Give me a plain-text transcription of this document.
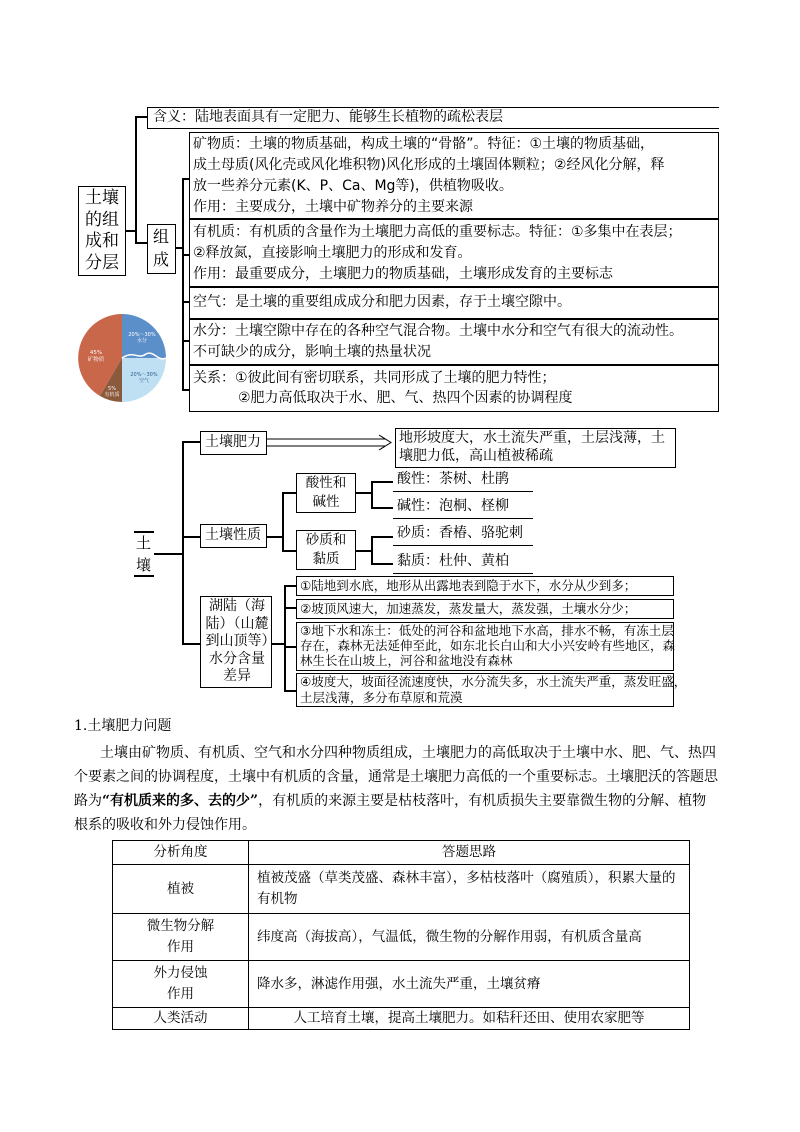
土壤的组成和分层
含义：陆地表面具有一定肥力、能够生长植物的疏松表层
组成
矿物质：土壤的物质基础，构成土壤的“骨骼”。特征：①土壤的物质基础，
成土母质(风化壳或风化堆积物)风化形成的土壤固体颗粒；②经风化分解，释
放一些养分元素(K、P、Ca、Mg等)，供植物吸收。
作用：主要成分，土壤中矿物养分的主要来源
有机质：有机质的含量作为土壤肥力高低的重要标志。特征：①多集中在表层；
②释放氮，直接影响土壤肥力的形成和发育。
作用：最重要成分，土壤肥力的物质基础，土壤形成发育的主要标志
空气：是土壤的重要组成成分和肥力因素，存于土壤空隙中。
水分：土壤空隙中存在的各种空气混合物。土壤中水分和空气有很大的流动性。
不可缺少的成分，影响土壤的热量状况
关系：①彼此间有密切联系，共同形成了土壤的肥力特性；
②肥力高低取决于水、肥、气、热四个因素的协调程度
45%
矿物质
20%～30%
水分
20%～30%
空气
5%
有机质
土壤
土壤肥力	地形坡度大，水土流失严重，土层浅薄，土
壤肥力低，高山植被稀疏
土壤性质
酸性和碱性
砂质和黏质
酸性：茶树、杜鹃
碱性：泡桐、柽柳
砂质：香椿、骆驼刺
黏质：杜仲、黄柏
湖陆（海陆）（山麓到山顶等）水分含量差异
①陆地到水底，地形从出露地表到隐于水下，水分从少到多；
②坡顶风速大，加速蒸发，蒸发量大，蒸发强，土壤水分少；
③地下水和冻土：低处的河谷和盆地地下水高，排水不畅，有冻土层
存在，森林无法延伸至此，如东北长白山和大小兴安岭有些地区，森
林生长在山坡上，河谷和盆地没有森林
④坡度大，坡面径流速度快，水分流失多，水土流失严重，蒸发旺盛，
土层浅薄，多分布草原和荒漠
1.土壤肥力问题
土壤由矿物质、有机质、空气和水分四种物质组成，土壤肥力的高低取决于土壤中水、肥、气、热四
个要素之间的协调程度，土壤中有机质的含量，通常是土壤肥力高低的一个重要标志。土壤肥沃的答题思
路为“有机质来的多、去的少”，有机质的来源主要是枯枝落叶，有机质损失主要靠微生物的分解、植物
根系的吸收和外力侵蚀作用。
分析角度	答题思路
植被	植被茂盛（草类茂盛、森林丰富），多枯枝落叶（腐殖质），积累大量的有机物
微生物分解作用	纬度高（海拔高），气温低，微生物的分解作用弱，有机质含量高
外力侵蚀作用	降水多，淋滤作用强，水土流失严重，土壤贫瘠
人类活动	人工培育土壤，提高土壤肥力。如秸秆还田、使用农家肥等
